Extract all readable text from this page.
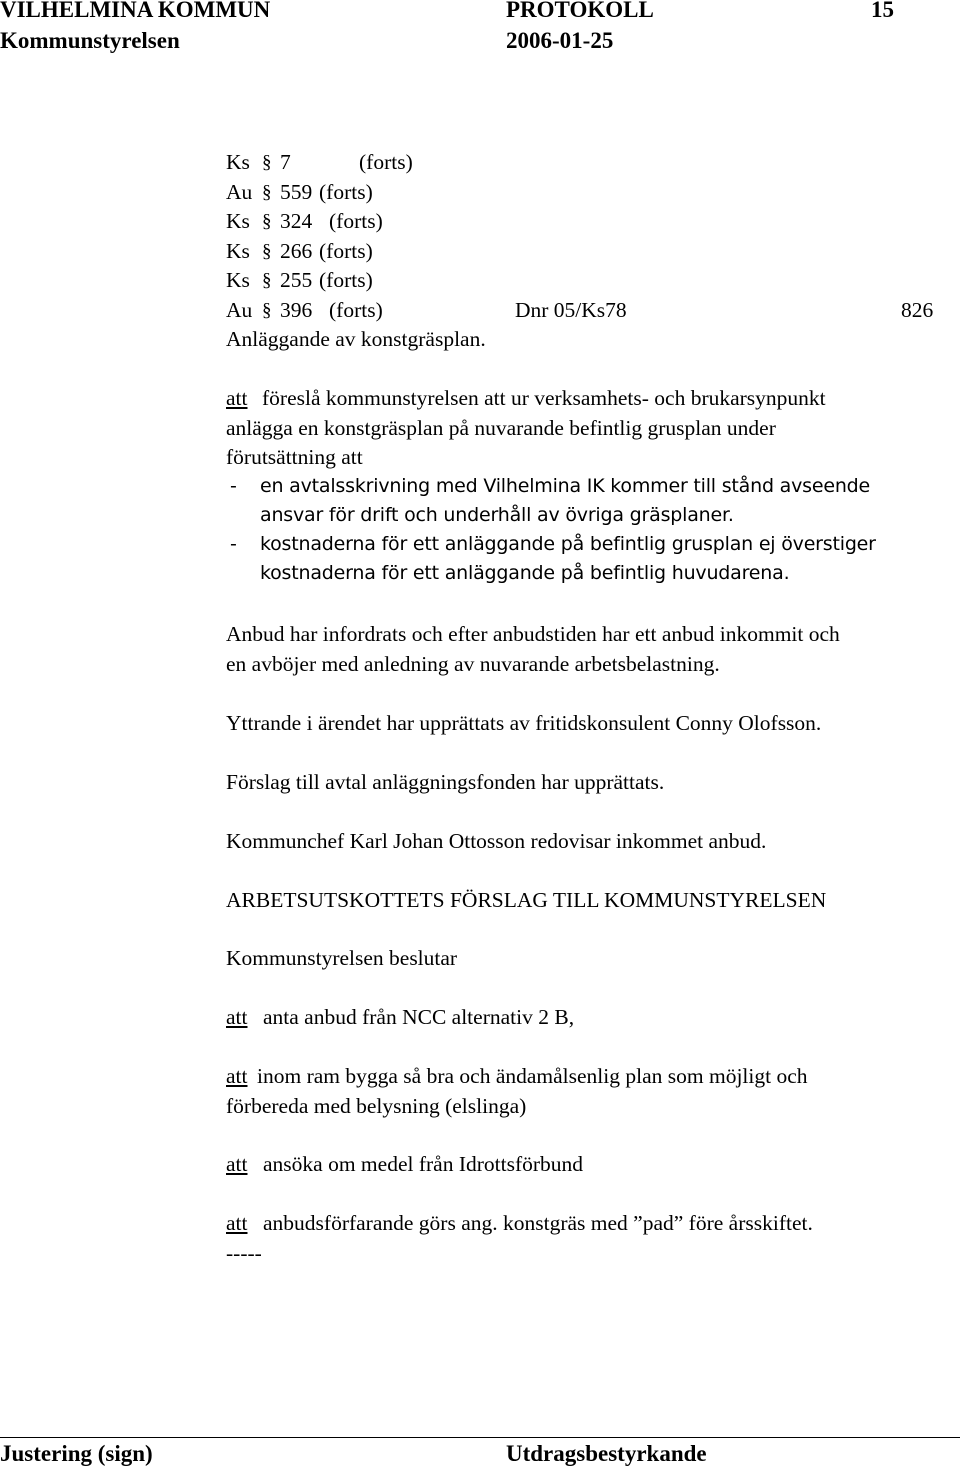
VILHELMINA KOMMUN	PROTOKOLL	15
Kommunstyrelsen	2006-01-25
Ks § 7	(forts)
Au § 559 (forts)
Ks § 324 (forts)
Ks § 266 (forts)
Ks § 255 (forts)
Au § 396 (forts)	Dnr 05/Ks78	826
Anläggande av konstgräsplan.
att föreslå kommunstyrelsen att ur verksamhets- och brukarsynpunkt
anlägga en konstgräsplan på nuvarande befintlig grusplan under
förutsättning att
- en avtalsskrivning med Vilhelmina IK kommer till stånd avseende
ansvar för drift och underhåll av övriga gräsplaner.
- kostnaderna för ett anläggande på befintlig grusplan ej överstiger
kostnaderna för ett anläggande på befintlig huvudarena.
Anbud har infordrats och efter anbudstiden har ett anbud inkommit och
en avböjer med anledning av nuvarande arbetsbelastning.
Yttrande i ärendet har upprättats av fritidskonsulent Conny Olofsson.
Förslag till avtal anläggningsfonden har upprättats.
Kommunchef Karl Johan Ottosson redovisar inkommet anbud.
ARBETSUTSKOTTETS FÖRSLAG TILL KOMMUNSTYRELSEN
Kommunstyrelsen beslutar
att anta anbud från NCC alternativ 2 B,
att inom ram bygga så bra och ändamålsenlig plan som möjligt och
förbereda med belysning (elslinga)
att ansöka om medel från Idrottsförbund
att anbudsförfarande görs ang. konstgräs med ”pad” före årsskiftet.
-----
Justering (sign)	Utdragsbestyrkande
